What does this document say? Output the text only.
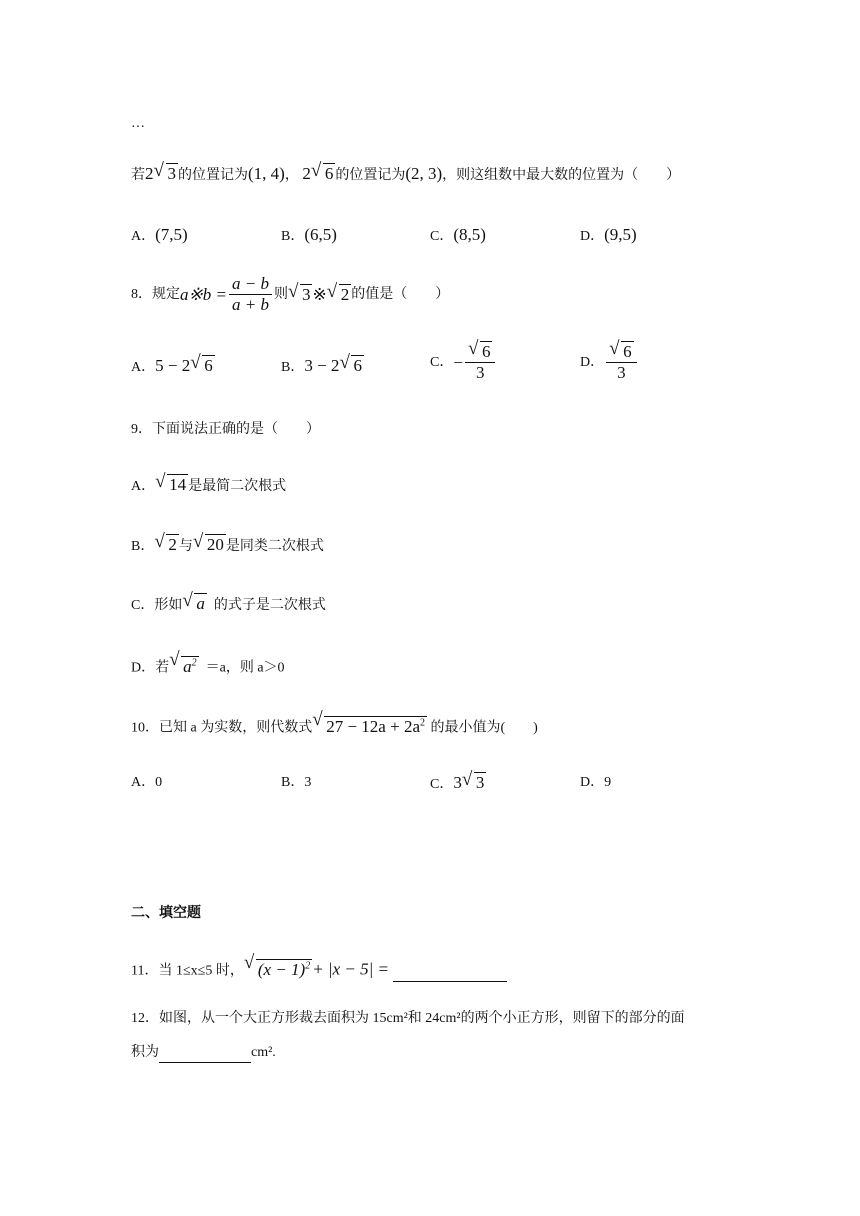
…
若2 √ 3 的位置记为(1, 4)， 2 √ 6 的位置记为(2, 3)，则这组数中最大数的位置为（　　）
A．(7,5)	B．(6,5)	C．(8,5)	D．(9,5)
8．规定 a※b = $\frac{a - b}{a + b}$ 则 √ 3 ※ √ 2 的值是（　　）
A．5 − 2 √ 6	B．3 − 2 √ 6	C． − $\frac{√ 6}{3}$	D． $\frac{√ 6}{3}$
9．下面说法正确的是（　　）
A． √ 14 是最简二次根式
B． √ 2 与 √ 20 是同类二次根式
C．形如 √ a 的式子是二次根式
D．若 √ $a^2 =a$，则 a＞0
10．已知 a 为实数，则代数式 √ $27 - 12a + 2a^2$ 的最小值为(　　)
A．0	B．3	C．3 √ 3	D．9
二、填空题
11．当 1≤x≤5 时， √ $(x - 1)^2 + |x - 5|$ =
12．如图，从一个大正方形裁去面积为 15cm²和 24cm²的两个小正方形，则留下的部分的面
积为	cm².
